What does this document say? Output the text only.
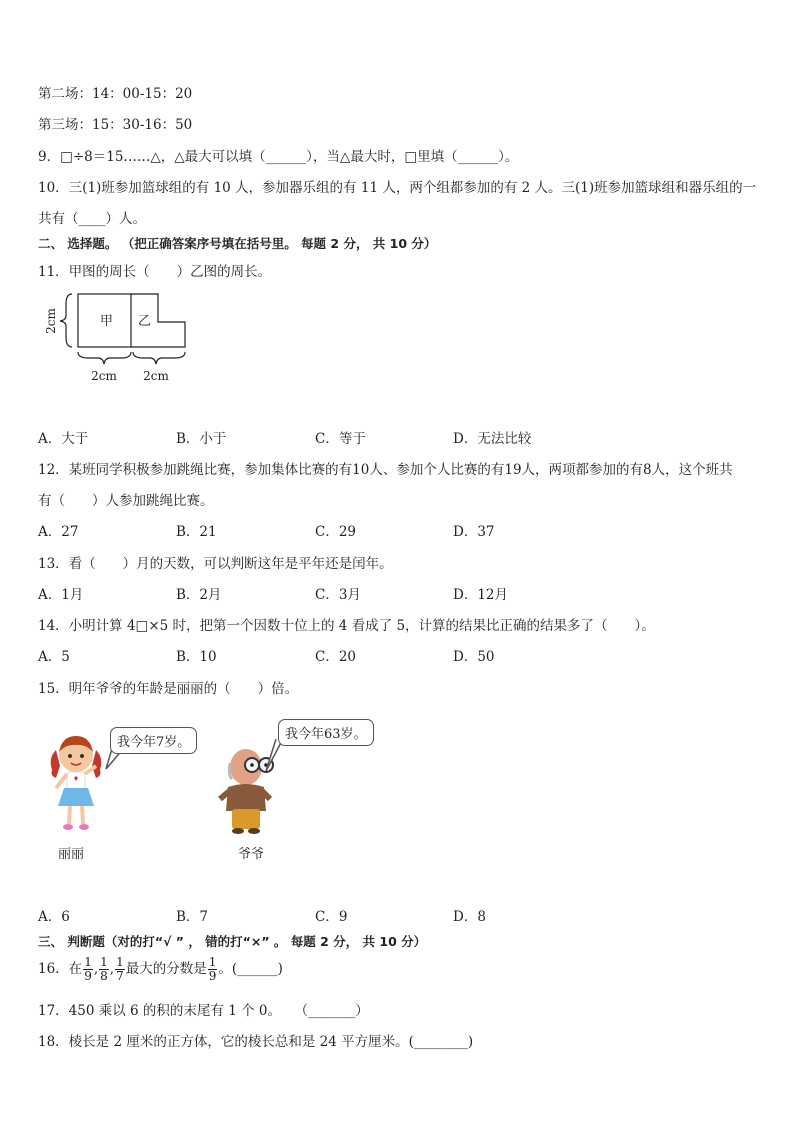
第二场：14：00-15：20
第三场：15：30-16：50
9．□÷8＝15……△，△最大可以填（______），当△最大时，□里填（______）。
10．三(1)班参加篮球组的有 10 人，参加器乐组的有 11 人，两个组都参加的有 2 人。三(1)班参加篮球组和器乐组的一
共有（____）人。
二、 选择题。 （把正确答案序号填在括号里。 每题 2 分， 共 10 分）
11．甲图的周长（　　）乙图的周长。
甲 乙
2cm
2cm 2cm
A．大于	B．小于	C．等于	D．无法比较
12．某班同学积极参加跳绳比赛，参加集体比赛的有10人、参加个人比赛的有19人，两项都参加的有8人，这个班共
有（　　）人参加跳绳比赛。
A．27	B．21	C．29	D．37
13．看（　　）月的天数，可以判断这年是平年还是闰年。
A．1月	B．2月	C．3月	D．12月
14．小明计算 4□×5 时，把第一个因数十位上的 4 看成了 5，计算的结果比正确的结果多了（　　）。
A．5	B．10	C．20	D．50
15．明年爷爷的年龄是丽丽的（　　）倍。
我今年7岁。
丽丽
我今年63岁。
爷爷
A．6	B．7	C．9	D．8
三、 判断题（对的打“√ ” ， 错的打“×” 。 每题 2 分， 共 10 分）
16．在 $\frac{1}{9}$ , $\frac{1}{8}$ , $\frac{1}{7}$ 最大的分数是 $\frac{1}{9}$ 。(______)
17．450 乘以 6 的积的末尾有 1 个 0。　　（_______）
18．棱长是 2 厘米的正方体，它的棱长总和是 24 平方厘米。(________)
